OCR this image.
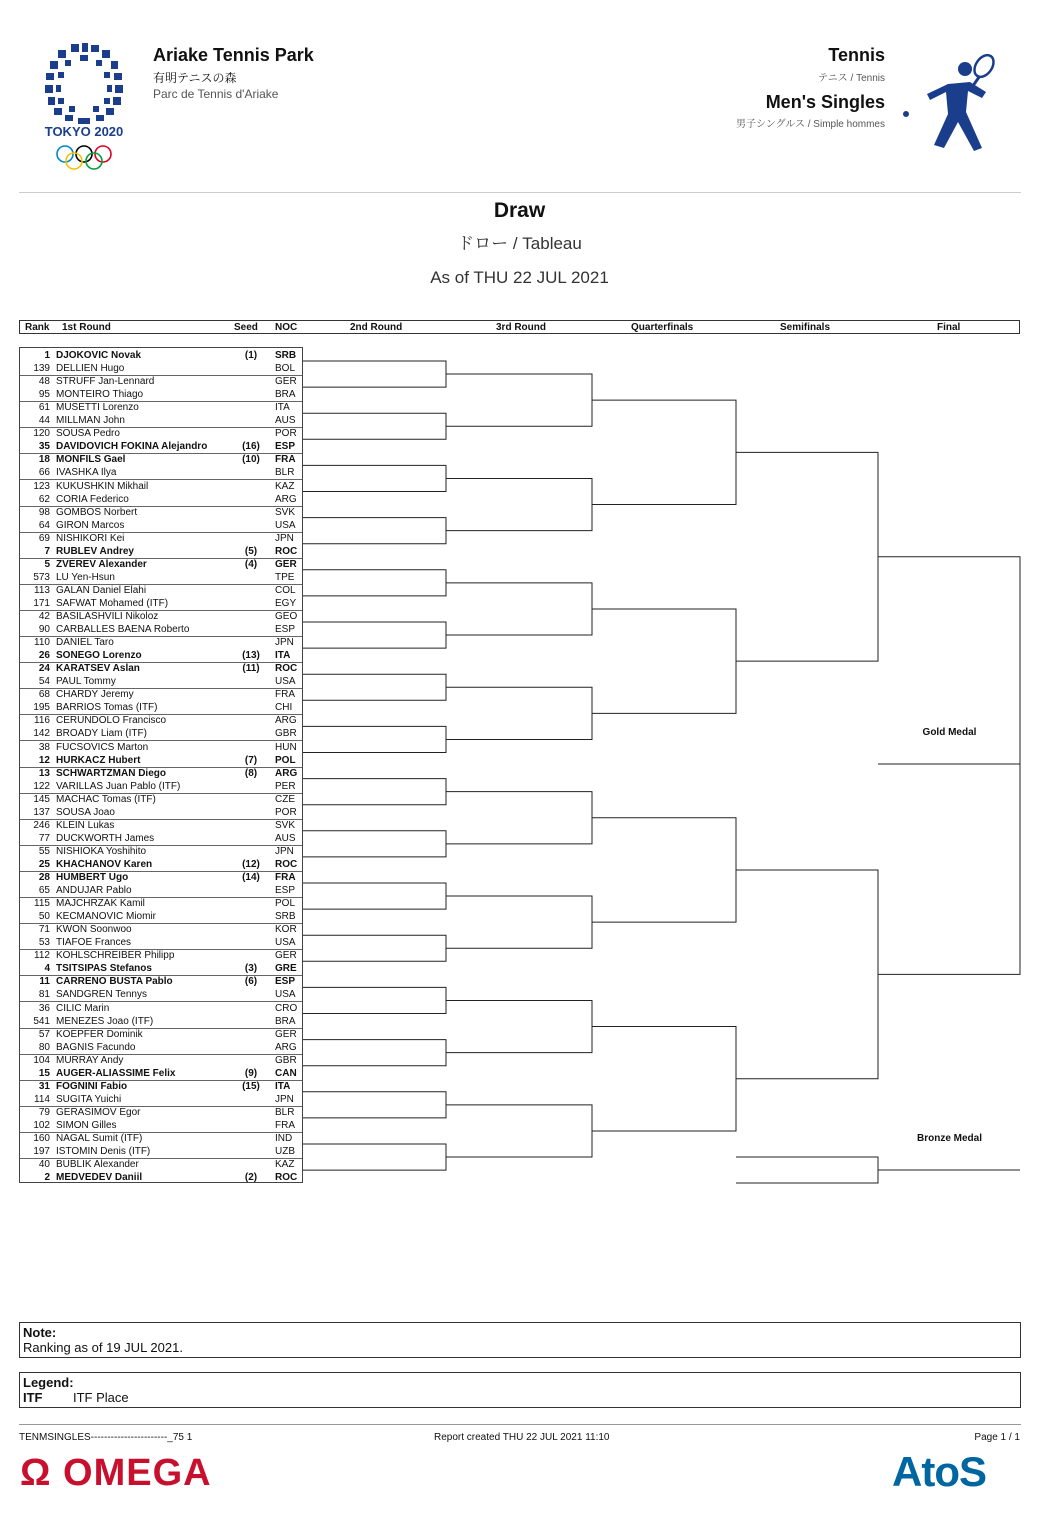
TOKYO 2020
Ariake Tennis Park
有明テニスの森
Parc de Tennis d'Ariake
Tennis
テニス / Tennis
Men's Singles
男子シングルス / Simple hommes
Draw
ドロー / Tableau
As of THU 22 JUL 2021
Rank 1st Round	Seed NOC	2nd Round	3rd Round	Quarterfinals	Semifinals	Final
1 DJOKOVIC Novak	(1)	SRB
139 DELLIEN Hugo	BOL
48 STRUFF Jan-Lennard	GER
95 MONTEIRO Thiago	BRA
61 MUSETTI Lorenzo	ITA
44 MILLMAN John	AUS
120 SOUSA Pedro	POR
35 DAVIDOVICH FOKINA Alejandro	(16)	ESP
18 MONFILS Gael	(10)	FRA
66 IVASHKA Ilya	BLR
123 KUKUSHKIN Mikhail	KAZ
62 CORIA Federico	ARG
98 GOMBOS Norbert	SVK
64 GIRON Marcos	USA
69 NISHIKORI Kei	JPN
7 RUBLEV Andrey	(5)	ROC
5 ZVEREV Alexander	(4)	GER
573 LU Yen-Hsun	TPE
113 GALAN Daniel Elahi	COL
171 SAFWAT Mohamed (ITF)	EGY
42 BASILASHVILI Nikoloz	GEO
90 CARBALLES BAENA Roberto	ESP
110 DANIEL Taro	JPN
26 SONEGO Lorenzo	(13)	ITA
24 KARATSEV Aslan	(11)	ROC
54 PAUL Tommy	USA
68 CHARDY Jeremy	FRA
195 BARRIOS Tomas (ITF)	CHI
116 CERUNDOLO Francisco	ARG
142 BROADY Liam (ITF)	GBR
38 FUCSOVICS Marton	HUN
12 HURKACZ Hubert	(7)	POL
13 SCHWARTZMAN Diego	(8)	ARG
122 VARILLAS Juan Pablo (ITF)	PER
145 MACHAC Tomas (ITF)	CZE
137 SOUSA Joao	POR
246 KLEIN Lukas	SVK
77 DUCKWORTH James	AUS
55 NISHIOKA Yoshihito	JPN
25 KHACHANOV Karen	(12)	ROC
28 HUMBERT Ugo	(14)	FRA
65 ANDUJAR Pablo	ESP
115 MAJCHRZAK Kamil	POL
50 KECMANOVIC Miomir	SRB
71 KWON Soonwoo	KOR
53 TIAFOE Frances	USA
112 KOHLSCHREIBER Philipp	GER
4 TSITSIPAS Stefanos	(3)	GRE
11 CARRENO BUSTA Pablo	(6)	ESP
81 SANDGREN Tennys	USA
36 CILIC Marin	CRO
541 MENEZES Joao (ITF)	BRA
57 KOEPFER Dominik	GER
80 BAGNIS Facundo	ARG
104 MURRAY Andy	GBR
15 AUGER-ALIASSIME Felix	(9)	CAN
31 FOGNINI Fabio	(15)	ITA
114 SUGITA Yuichi	JPN
79 GERASIMOV Egor	BLR
102 SIMON Gilles	FRA
160 NAGAL Sumit (ITF)	IND
197 ISTOMIN Denis (ITF)	UZB
40 BUBLIK Alexander	KAZ
2 MEDVEDEV Daniil	(2)	ROC
Gold Medal
Bronze Medal
Note:
Ranking as of 19 JUL 2021.
Legend:
ITF ITF Place
TENMSINGLES-----------------------_75 1	Report created THU 22 JUL 2021 11:10	Page 1 / 1
Ω OMEGA	AtoS
